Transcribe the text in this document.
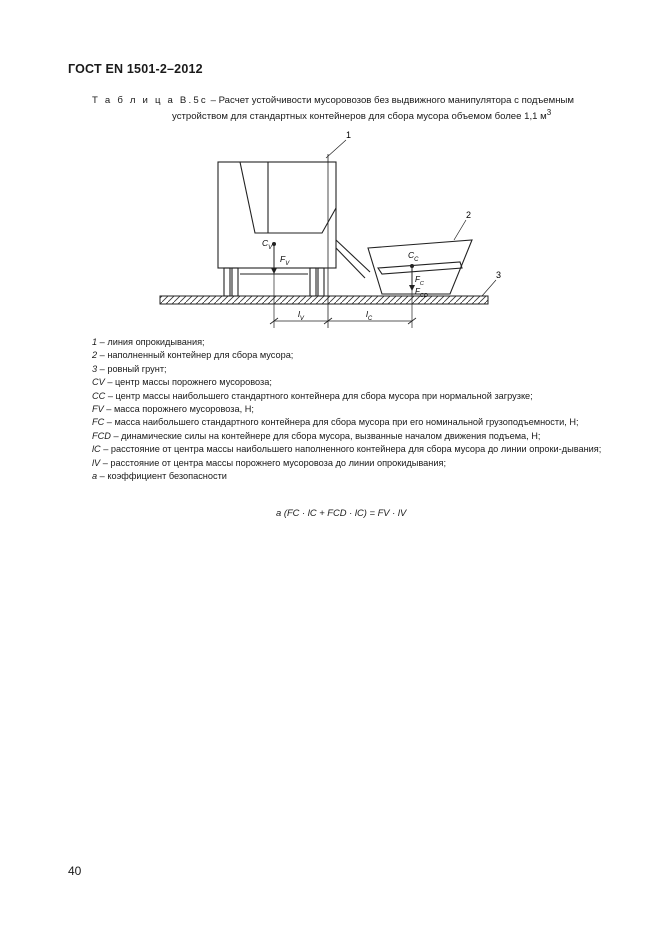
ГОСТ EN 1501-2–2012
Т а б л и ц а В.5с – Расчет устойчивости мусоровозов без выдвижного манипулятора с подъемным
устройством для стандартных контейнеров для сбора мусора объемом более 1,1 $м^3$
1
2
3
$C_V$
$F_V$
$C_C$
$F_C$
$F_{CD}$
$l_V$	$l_C$
1 – линия опрокидывания;
2 – наполненный контейнер для сбора мусора;
3 – ровный грунт;
CV – центр массы порожнего мусоровоза;
CC – центр массы наибольшего стандартного контейнера для сбора мусора при нормальной загрузке;
FV – масса порожнего мусоровоза, Н;
FC – масса наибольшего стандартного контейнера для сбора мусора при его номинальной грузоподъемности, Н;
FCD – динамические силы на контейнере для сбора мусора, вызванные началом движения подъема, Н;
lC – расстояние от центра массы наибольшего наполненного контейнера для сбора мусора до линии опроки-дывания;
lV – расстояние от центра массы порожнего мусоровоза до линии опрокидывания;
a – коэффициент безопасности
a (FC · lC + FCD · lC) = FV · lV
40
